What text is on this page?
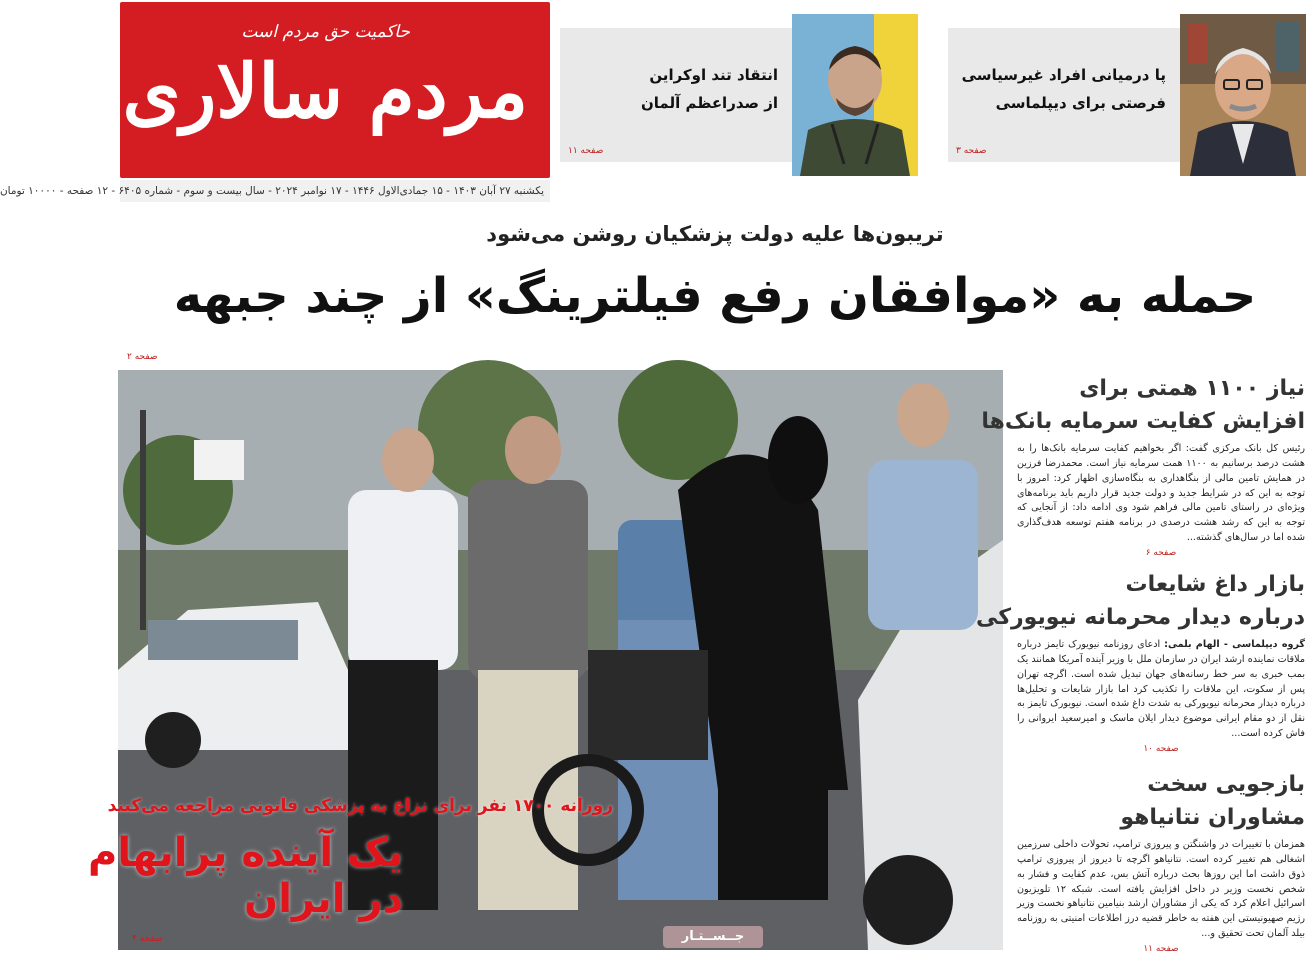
حاکمیت حق مردم است
مردم سالاری	پا درمیانی افراد غیرسیاسی
فرصتی برای دیپلماسی
صفحه ۳
انتقاد تند اوکراین
از صدراعظم آلمان
صفحه ۱۱
یکشنبه ۲۷ آبان ۱۴۰۳ - ۱۵ جمادی‌الاول ۱۴۴۶ - ۱۷ نوامبر ۲۰۲۴ - سال بیست و سوم - شماره ۶۴۰۵ - ۱۲ صفحه - ۱۰۰۰۰ تومان
تریبون‌ها علیه دولت پزشکیان روشن می‌شود
حمله به «موافقان رفع فیلترینگ» از چند جبهه
صفحه ۲
روزانه ۱۷۰۰ نفر برای نزاع به پزشکی قانونی مراجعه می‌کنند
یک آینده پرابهام
در ایران
صفحه ۴	جــســتـار
نیاز ۱۱۰۰ همتی برای
افزایش کفایت سرمایه بانک‌ها
رئیس کل بانک مرکزی گفت: اگر بخواهیم کفایت سرمایه بانک‌ها را به هشت درصد برسانیم به ۱۱۰۰ همت سرمایه نیاز است. محمدرضا فرزین در همایش تامین مالی از بنگاهداری به بنگاه‌سازی اظهار کرد: امروز با توجه به این که در شرایط جدید و دولت جدید قرار داریم باید برنامه‌های ویژه‌ای در راستای تامین مالی فراهم شود وی ادامه داد: از آنجایی که توجه به این که رشد هشت درصدی در برنامه هفتم توسعه هدف‌گذاری شده اما در سال‌های گذشته...
صفحه ۶
بازار داغ شایعات
درباره دیدار محرمانه نیویورکی
گروه دیپلماسی - الهام بلمی: ادعای روزنامه نیویورک تایمز درباره ملاقات نماینده ارشد ایران در سازمان ملل با وزیر آینده آمریکا همانند یک بمب خبری به سر خط رسانه‌های جهان تبدیل شده است. اگرچه تهران پس از سکوت، این ملاقات را تکذیب کرد اما بازار شایعات و تحلیل‌ها درباره دیدار محرمانه نیویورکی به شدت داغ شده است. نیویورک تایمز به نقل از دو مقام ایرانی موضوع دیدار ایلان ماسک و امیرسعید ایروانی را فاش کرده است...
صفحه ۱۰
بازجویی سخت
مشاوران نتانیاهو
همزمان با تغییرات در واشنگتن و پیروزی ترامپ، تحولات داخلی سرزمین اشغالی هم تغییر کرده است. نتانیاهو اگرچه تا دیروز از پیروزی ترامپ ذوق داشت اما این روزها بحث درباره آتش بس، عدم کفایت و فشار به شخص نخست وزیر در داخل افزایش یافته است. شبکه ۱۲ تلویزیون اسرائیل اعلام کرد که یکی از مشاوران ارشد بنیامین نتانیاهو نخست وزیر رژیم صهیونیستی این هفته به خاطر قضیه درز اطلاعات امنیتی به روزنامه بیلد آلمان تحت تحقیق و...
صفحه ۱۱
